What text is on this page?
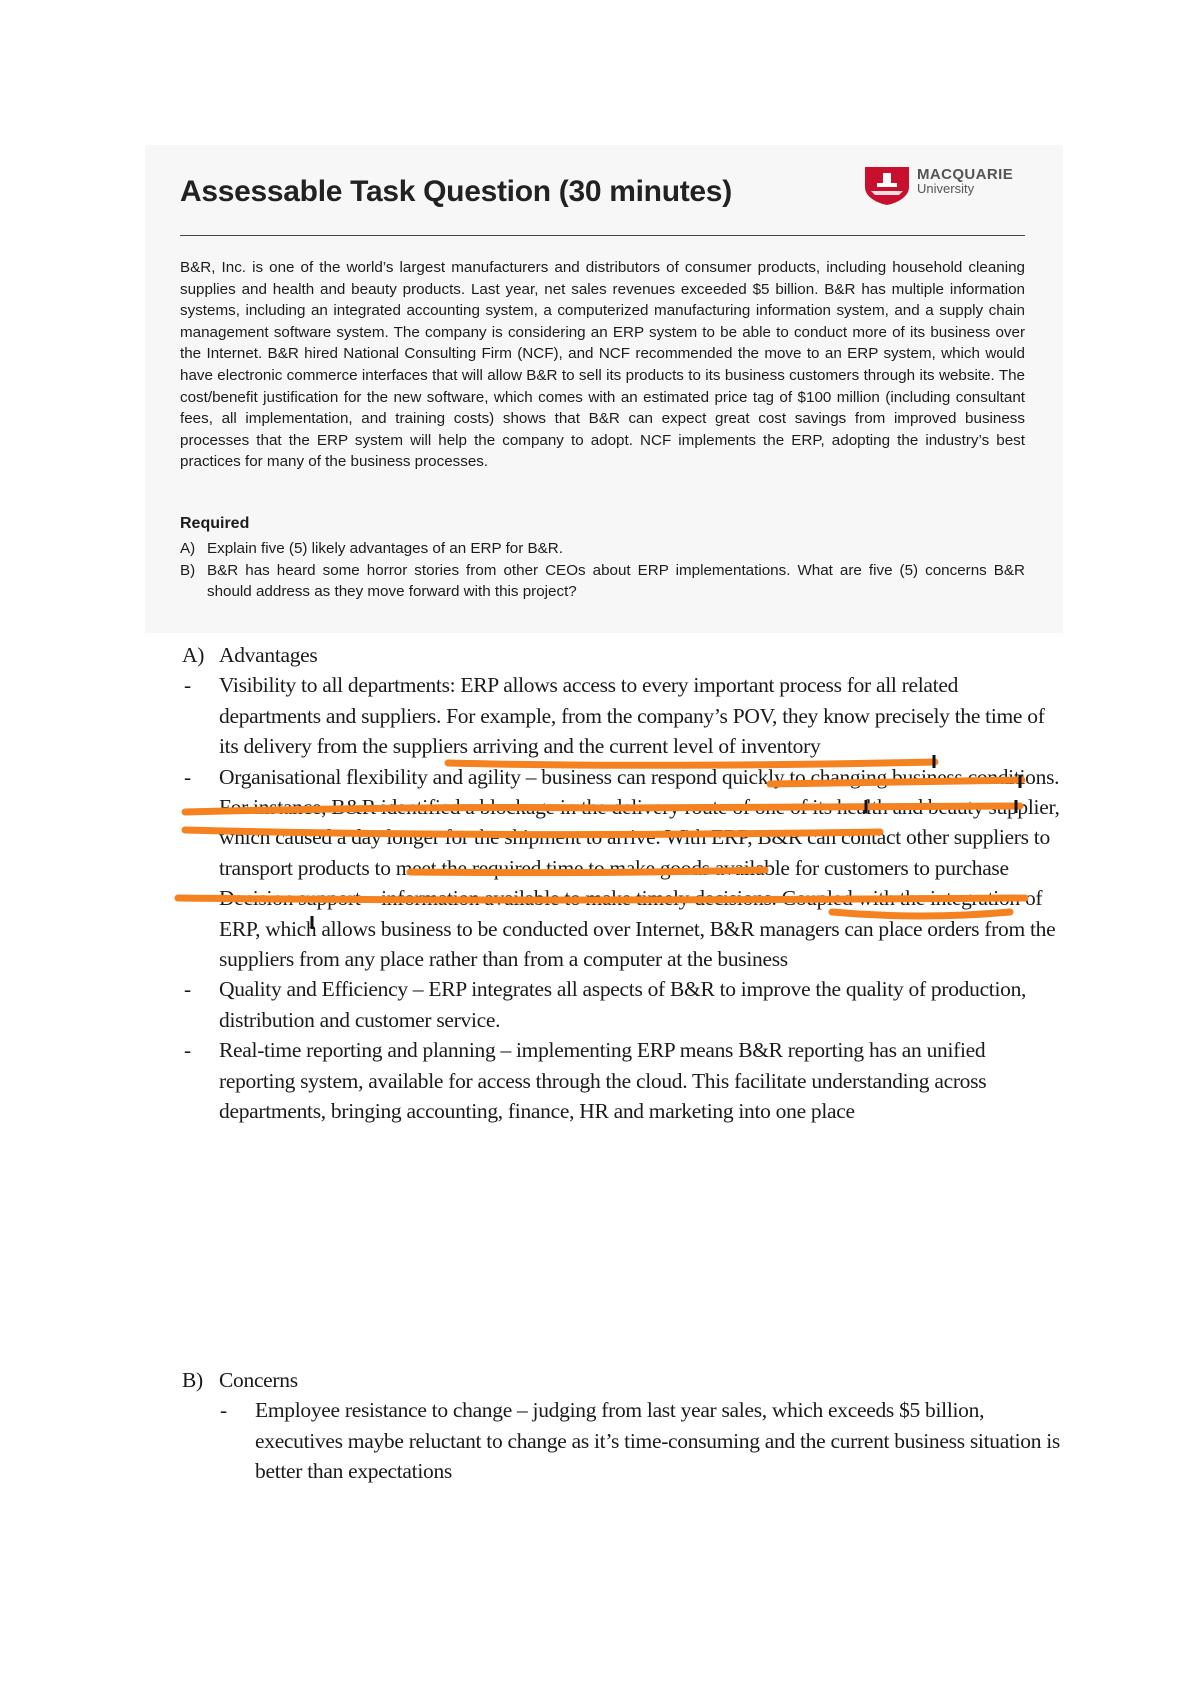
Assessable Task Question (30 minutes)
MACQUARIE
University

B&R, Inc. is one of the world’s largest manufacturers and distributors of consumer products, including household cleaning supplies and health and beauty products. Last year, net sales revenues exceeded $5 billion. B&R has multiple information systems, including an integrated accounting system, a computerized manufacturing information system, and a supply chain management software system. The company is considering an ERP system to be able to conduct more of its business over the Internet. B&R hired National Consulting Firm (NCF), and NCF recommended the move to an ERP system, which would have electronic commerce interfaces that will allow B&R to sell its products to its business customers through its website. The cost/benefit justification for the new software, which comes with an estimated price tag of $100 million (including consultant fees, all implementation, and training costs) shows that B&R can expect great cost savings from improved business processes that the ERP system will help the company to adopt. NCF implements the ERP, adopting the industry’s best practices for many of the business processes.

Required
A) Explain five (5) likely advantages of an ERP for B&R.
B) B&R has heard some horror stories from other CEOs about ERP implementations. What are five (5) concerns B&R should address as they move forward with this project?
A) Advantages
- Visibility to all departments: ERP allows access to every important process for all related departments and suppliers. For example, from the company’s POV, they know precisely the time of its delivery from the suppliers arriving and the current level of inventory
- Organisational flexibility and agility – business can respond quickly to changing business conditions. For instance, B&R identified a blockage in the delivery route of one of its health and beauty supplier, which caused a day longer for the shipment to arrive. With ERP, B&R can contact other suppliers to transport products to meet the required time to make goods available for customers to purchase
- Decision support – information available to make timely decisions. Coupled with the integration of ERP, which allows business to be conducted over Internet, B&R managers can place orders from the suppliers from any place rather than from a computer at the business
- Quality and Efficiency – ERP integrates all aspects of B&R to improve the quality of production, distribution and customer service.
- Real-time reporting and planning – implementing ERP means B&R reporting has an unified reporting system, available for access through the cloud. This facilitate understanding across departments, bringing accounting, finance, HR and marketing into one place
B) Concerns
- Employee resistance to change – judging from last year sales, which exceeds $5 billion, executives maybe reluctant to change as it’s time-consuming and the current business situation is better than expectations
